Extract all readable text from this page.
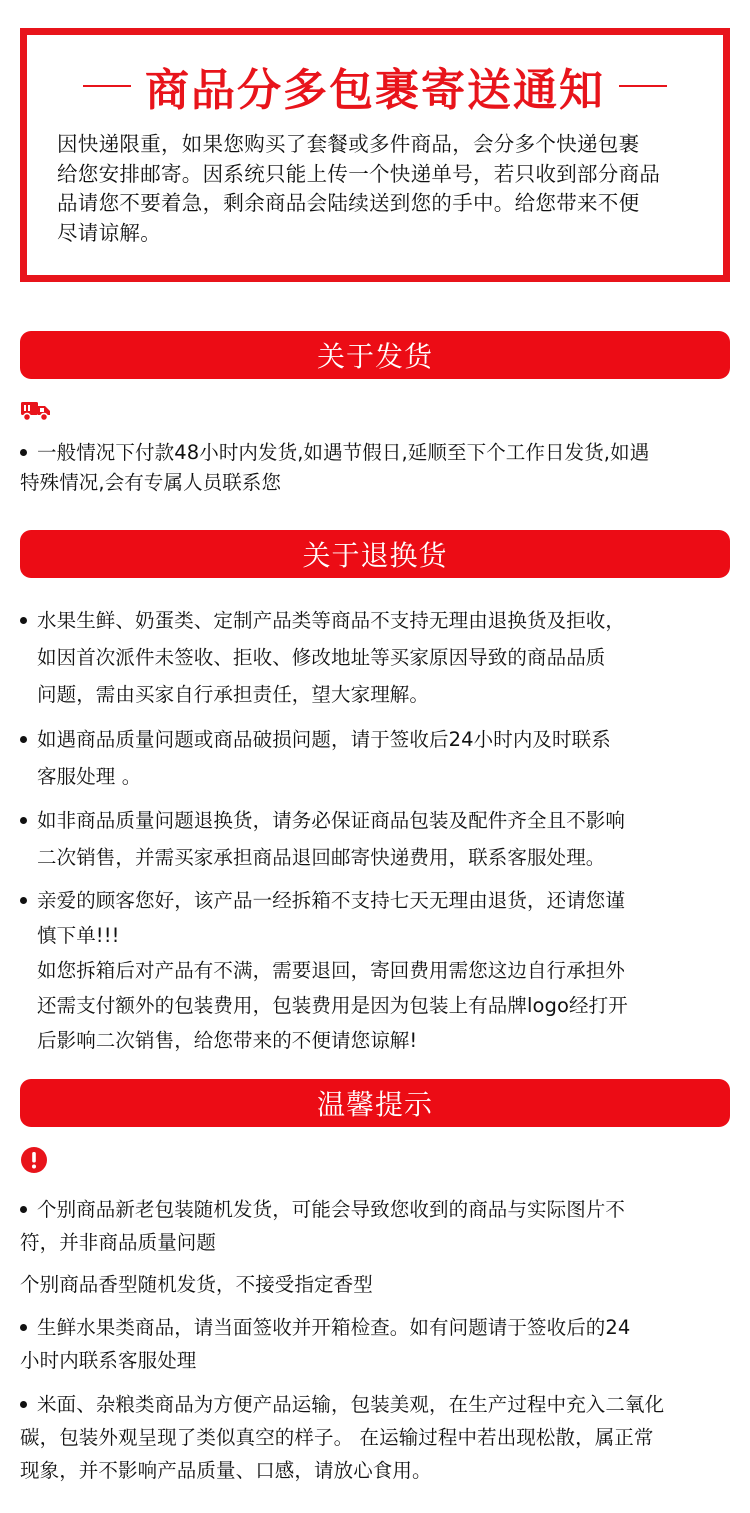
商品分多包裹寄送通知
因快递限重，如果您购买了套餐或多件商品，会分多个快递包裹
给您安排邮寄。因系统只能上传一个快递单号，若只收到部分商品
品请您不要着急，剩余商品会陆续送到您的手中。给您带来不便
尽请谅解。
关于发货
一般情况下付款48小时内发货,如遇节假日,延顺至下个工作日发货,如遇
特殊情况,会有专属人员联系您
关于退换货
水果生鲜、奶蛋类、定制产品类等商品不支持无理由退换货及拒收，
如因首次派件未签收、拒收、修改地址等买家原因导致的商品品质
问题，需由买家自行承担责任，望大家理解。
如遇商品质量问题或商品破损问题，请于签收后24小时内及时联系
客服处理 。
如非商品质量问题退换货，请务必保证商品包装及配件齐全且不影响
二次销售，并需买家承担商品退回邮寄快递费用，联系客服处理。
亲爱的顾客您好，该产品一经拆箱不支持七天无理由退货，还请您谨
慎下单!!!
如您拆箱后对产品有不满，需要退回，寄回费用需您这边自行承担外
还需支付额外的包装费用，包装费用是因为包装上有品牌logo经打开
后影响二次销售，给您带来的不便请您谅解!
温馨提示
个别商品新老包装随机发货，可能会导致您收到的商品与实际图片不
符，并非商品质量问题
个别商品香型随机发货，不接受指定香型
生鲜水果类商品，请当面签收并开箱检查。如有问题请于签收后的24
小时内联系客服处理
米面、杂粮类商品为方便产品运输，包装美观，在生产过程中充入二氧化
碳，包装外观呈现了类似真空的样子。 在运输过程中若出现松散，属正常
现象，并不影响产品质量、口感，请放心食用。
